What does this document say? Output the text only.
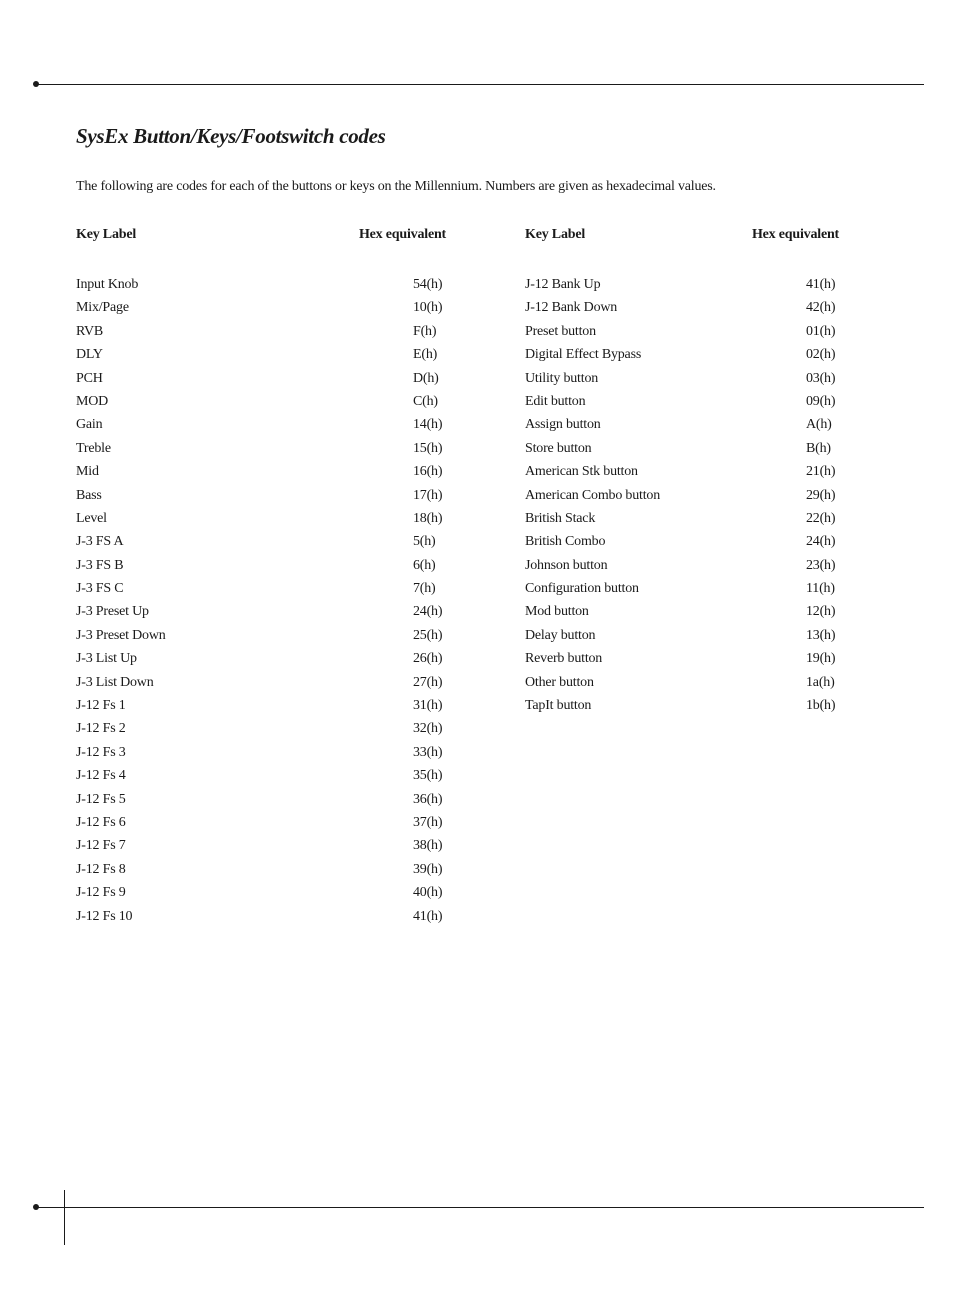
SysEx Button/Keys/Footswitch codes

The following are codes for each of the buttons or keys on the Millennium. Numbers are given as hexadecimal values.

Key Label	Hex equivalent
Input Knob	54(h)
Mix/Page	10(h)
RVB	F(h)
DLY	E(h)
PCH	D(h)
MOD	C(h)
Gain	14(h)
Treble	15(h)
Mid	16(h)
Bass	17(h)
Level	18(h)
J-3 FS A	5(h)
J-3 FS B	6(h)
J-3 FS C	7(h)
J-3 Preset Up	24(h)
J-3 Preset Down	25(h)
J-3 List Up	26(h)
J-3 List Down	27(h)
J-12 Fs 1	31(h)
J-12 Fs 2	32(h)
J-12 Fs 3	33(h)
J-12 Fs 4	35(h)
J-12 Fs 5	36(h)
J-12 Fs 6	37(h)
J-12 Fs 7	38(h)
J-12 Fs 8	39(h)
J-12 Fs 9	40(h)
J-12 Fs 10	41(h)
Key Label	Hex equivalent
J-12 Bank Up	41(h)
J-12 Bank Down	42(h)
Preset button	01(h)
Digital Effect Bypass	02(h)
Utility button	03(h)
Edit button	09(h)
Assign button	A(h)
Store button	B(h)
American Stk button	21(h)
American Combo button	29(h)
British Stack	22(h)
British Combo	24(h)
Johnson button	23(h)
Configuration button	11(h)
Mod button	12(h)
Delay button	13(h)
Reverb button	19(h)
Other button	1a(h)
TapIt button	1b(h)
